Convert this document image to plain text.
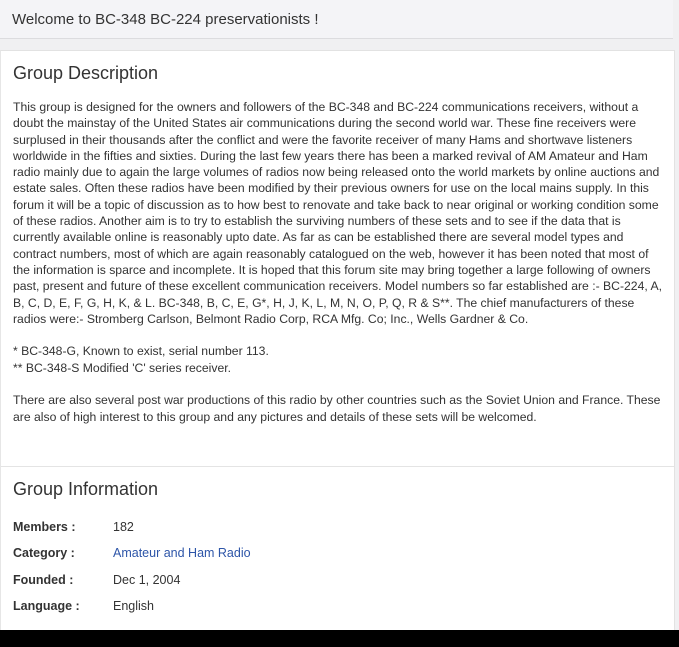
Welcome to BC-348 BC-224 preservationists !
Group Description

This group is designed for the owners and followers of the BC-348 and BC-224 communications receivers, without a doubt the mainstay of the United States air communications during the second world war. These fine receivers were surplused in their thousands after the conflict and were the favorite receiver of many Hams and shortwave listeners worldwide in the fifties and sixties. During the last few years there has been a marked revival of AM Amateur and Ham radio mainly due to again the large volumes of radios now being released onto the world markets by online auctions and estate sales. Often these radios have been modified by their previous owners for use on the local mains supply. In this forum it will be a topic of discussion as to how best to renovate and take back to near original or working condition some of these radios. Another aim is to try to establish the surviving numbers of these sets and to see if the data that is currently available online is reasonably upto date. As far as can be established there are several model types and contract numbers, most of which are again reasonably catalogued on the web, however it has been noted that most of the information is sparce and incomplete. It is hoped that this forum site may bring together a large following of owners past, present and future of these excellent communication receivers. Model numbers so far established are :- BC-224, A, B, C, D, E, F, G, H, K, & L. BC-348, B, C, E, G*, H, J, K, L, M, N, O, P, Q, R & S**. The chief manufacturers of these radios were:- Stromberg Carlson, Belmont Radio Corp, RCA Mfg. Co; Inc., Wells Gardner & Co.

* BC-348-G, Known to exist, serial number 113.

** BC-348-S Modified 'C' series receiver.

There are also several post war productions of this radio by other countries such as the Soviet Union and France. These are also of high interest to this group and any pictures and details of these sets will be welcomed.

Group Information
Members :	182
Category :	Amateur and Ham Radio
Founded :	Dec 1, 2004
Language :	English
